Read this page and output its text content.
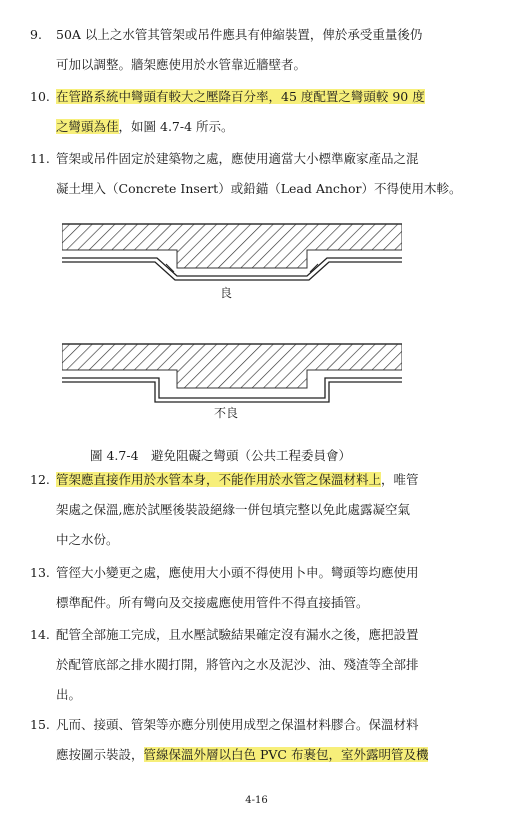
9.	50A 以上之水管其管架或吊件應具有伸縮裝置，俾於承受重量後仍
可加以調整。牆架應使用於水管靠近牆壁者。
10. 在管路系統中彎頭有較大之壓降百分率，45 度配置之彎頭較 90 度
之彎頭為佳，如圖 4.7-4 所示。
11. 管架或吊件固定於建築物之處，應使用適當大小標準廠家產品之混
凝土埋入（Concrete Insert）或鉛錨（Lead Anchor）不得使用木軫。
12. 管架應直接作用於水管本身，不能作用於水管之保溫材料上，唯管
架處之保溫,應於試壓後裝設絕緣一併包填完整以免此處露凝空氣
中之水份。
13. 管徑大小變更之處，應使用大小頭不得使用卜申。彎頭等均應使用
標準配件。所有彎向及交接處應使用管件不得直接插管。
14. 配管全部施工完成，且水壓試驗結果確定沒有漏水之後，應把設置
於配管底部之排水閥打開，將管內之水及泥沙、油、殘渣等全部排
出。
15. 凡而、接頭、管架等亦應分別使用成型之保溫材料膠合。保溫材料
應按圖示裝設，管線保溫外層以白色 PVC 布裹包，室外露明管及機
良
不良
圖 4.7-4　避免阻礙之彎頭（公共工程委員會）
4-16
